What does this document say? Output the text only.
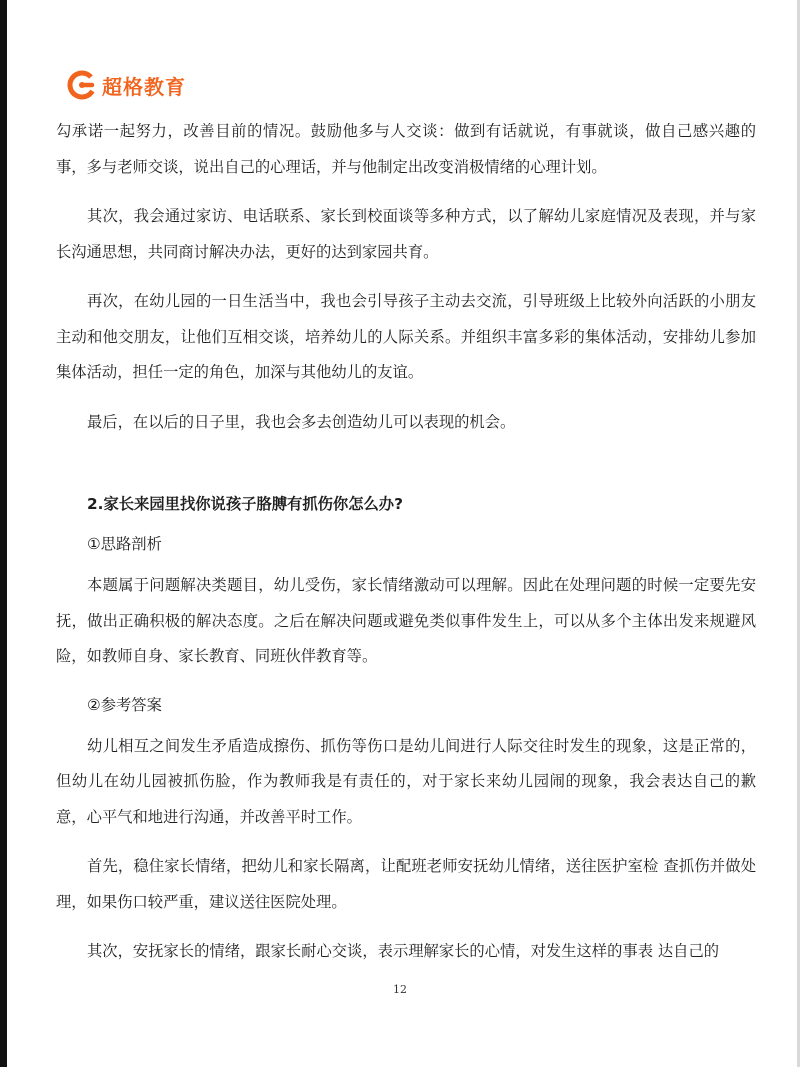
超格教育

勾承诺一起努力，改善目前的情况。鼓励他多与人交谈：做到有话就说，有事就谈，做自己感兴趣的事，多与老师交谈，说出自己的心理话，并与他制定出改变消极情绪的心理计划。

其次，我会通过家访、电话联系、家长到校面谈等多种方式，以了解幼儿家庭情况及表现，并与家长沟通思想，共同商讨解决办法，更好的达到家园共育。

再次，在幼儿园的一日生活当中，我也会引导孩子主动去交流，引导班级上比较外向活跃的小朋友主动和他交朋友，让他们互相交谈，培养幼儿的人际关系。并组织丰富多彩的集体活动，安排幼儿参加集体活动，担任一定的角色，加深与其他幼儿的友谊。

最后，在以后的日子里，我也会多去创造幼儿可以表现的机会。

2.家长来园里找你说孩子胳膊有抓伤你怎么办?
①思路剖析

本题属于问题解决类题目，幼儿受伤，家长情绪激动可以理解。因此在处理问题的时候一定要先安抚，做出正确积极的解决态度。之后在解决问题或避免类似事件发生上，可以从多个主体出发来规避风险，如教师自身、家长教育、同班伙伴教育等。

②参考答案

幼儿相互之间发生矛盾造成擦伤、抓伤等伤口是幼儿间进行人际交往时发生的现象，这是正常的，但幼儿在幼儿园被抓伤脸，作为教师我是有责任的，对于家长来幼儿园闹的现象，我会表达自己的歉意，心平气和地进行沟通，并改善平时工作。

首先，稳住家长情绪，把幼儿和家长隔离，让配班老师安抚幼儿情绪，送往医护室检 查抓伤并做处理，如果伤口较严重，建议送往医院处理。

其次，安抚家长的情绪，跟家长耐心交谈，表示理解家长的心情，对发生这样的事表 达自己的

12
